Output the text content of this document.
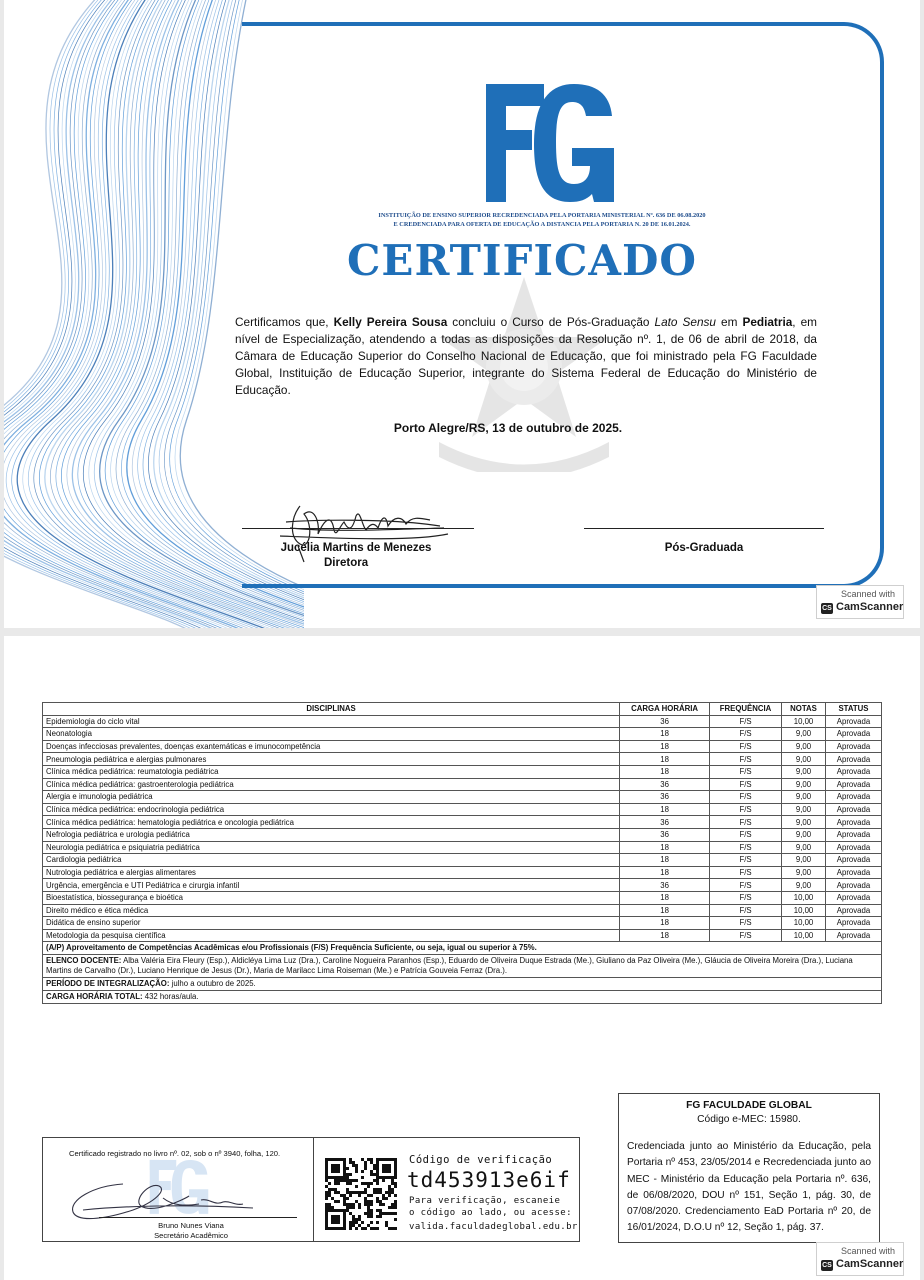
INSTITUIÇÃO DE ENSINO SUPERIOR RECREDENCIADA PELA PORTARIA MINISTERIAL Nº. 636 DE 06.08.2020
E CREDENCIADA PARA OFERTA DE EDUCAÇÃO A DISTANCIA PELA PORTARIA N. 20 DE 16.01.2024.
CERTIFICADO
Certificamos que, Kelly Pereira Sousa concluiu o Curso de Pós-Graduação Lato Sensu em Pediatria, em nível de Especialização, atendendo a todas as disposições da Resolução nº. 1, de 06 de abril de 2018, da Câmara de Educação Superior do Conselho Nacional de Educação, que foi ministrado pela FG Faculdade Global, Instituição de Educação Superior, integrante do Sistema Federal de Educação do Ministério de Educação.
Porto Alegre/RS, 13 de outubro de 2025.
Jucélia Martins de Menezes
Diretora
Pós-Graduada
Scanned with
CS CamScanner
DISCIPLINAS	CARGA HORÁRIA	FREQUÊNCIA	NOTAS	STATUS
Epidemiologia do ciclo vital	36	F/S	10,00	Aprovada
Neonatologia	18	F/S	9,00	Aprovada
Doenças infecciosas prevalentes, doenças exantemáticas e imunocompetência	18	F/S	9,00	Aprovada
Pneumologia pediátrica e alergias pulmonares	18	F/S	9,00	Aprovada
Clínica médica pediátrica: reumatologia pediátrica	18	F/S	9,00	Aprovada
Clínica médica pediátrica: gastroenterologia pediátrica	36	F/S	9,00	Aprovada
Alergia e imunologia pediátrica	36	F/S	9,00	Aprovada
Clínica médica pediátrica: endocrinologia pediátrica	18	F/S	9,00	Aprovada
Clínica médica pediátrica: hematologia pediátrica e oncologia pediátrica	36	F/S	9,00	Aprovada
Nefrologia pediátrica e urologia pediátrica	36	F/S	9,00	Aprovada
Neurologia pediátrica e psiquiatria pediátrica	18	F/S	9,00	Aprovada
Cardiologia pediátrica	18	F/S	9,00	Aprovada
Nutrologia pediátrica e alergias alimentares	18	F/S	9,00	Aprovada
Urgência, emergência e UTI Pediátrica e cirurgia infantil	36	F/S	9,00	Aprovada
Bioestatística, biossegurança e bioética	18	F/S	10,00	Aprovada
Direito médico e ética médica	18	F/S	10,00	Aprovada
Didática de ensino superior	18	F/S	10,00	Aprovada
Metodologia da pesquisa científica	18	F/S	10,00	Aprovada
(A/P) Aproveitamento de Competências Acadêmicas e/ou Profissionais (F/S) Frequência Suficiente, ou seja, igual ou superior à 75%.				
ELENCO DOCENTE: Alba Valéria Eira Fleury (Esp.), Aldicléya Lima Luz (Dra.), Caroline Nogueira Paranhos (Esp.), Eduardo de Oliveira Duque Estrada (Me.), Giuliano da Paz Oliveira (Me.), Gláucia de Oliveira Moreira (Dra.), Luciana Martins de Carvalho (Dr.), Luciano Henrique de Jesus (Dr.), Maria de Marilacc Lima Roiseman (Me.) e Patrícia Gouveia Ferraz (Dra.).				
PERÍODO DE INTEGRALIZAÇÃO: julho a outubro de 2025.				
CARGA HORÁRIA TOTAL: 432 horas/aula.				
FG FACULDADE GLOBAL
Código e-MEC: 15980.
Credenciada junto ao Ministério da Educação, pela Portaria nº 453, 23/05/2014 e Recredenciada junto ao MEC - Ministério da Educação pela Portaria nº. 636, de 06/08/2020, DOU nº 151, Seção 1, pág. 30, de 07/08/2020. Credenciamento EaD Portaria nº 20, de 16/01/2024, D.O.U nº 12, Seção 1, pág. 37.
Certificado registrado no livro nº. 02, sob o nº 3940, folha, 120.
Bruno Nunes Viana
Secretário Acadêmico
Código de verificação
td453913e6if
Para verificação, escaneie
o código ao lado, ou acesse:
valida.faculdadeglobal.edu.br
Scanned with
CS CamScanner
